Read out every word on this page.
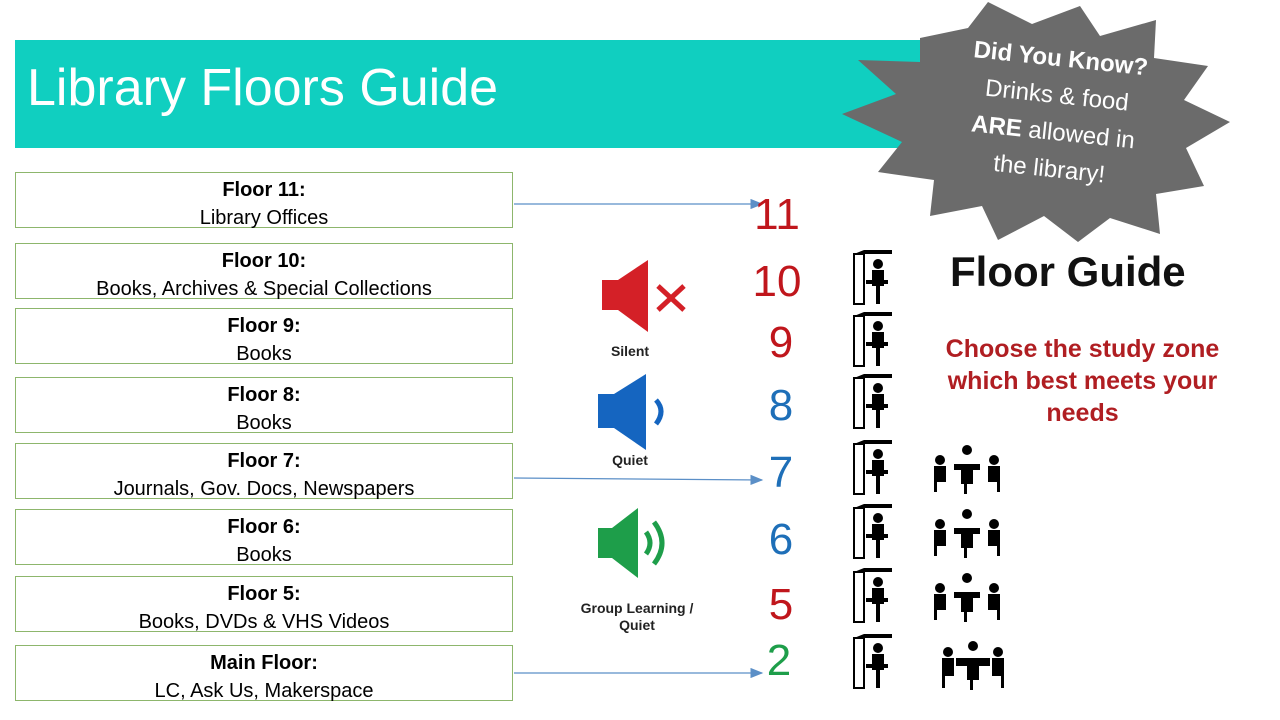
Library Floors Guide
Did You Know?
Drinks & food
ARE allowed in
the library!
Floor 11:
Library Offices
Floor 10:
Books, Archives & Special Collections
Floor 9:
Books
Floor 8:
Books
Floor 7:
Journals, Gov. Docs, Newspapers
Floor 6:
Books
Floor 5:
Books, DVDs & VHS Videos
Main Floor:
LC, Ask Us, Makerspace
11
10
9
8
7
6
5
2
Silent
Quiet
Group Learning /
Quiet
Floor Guide
Choose the study zone which best meets your needs
